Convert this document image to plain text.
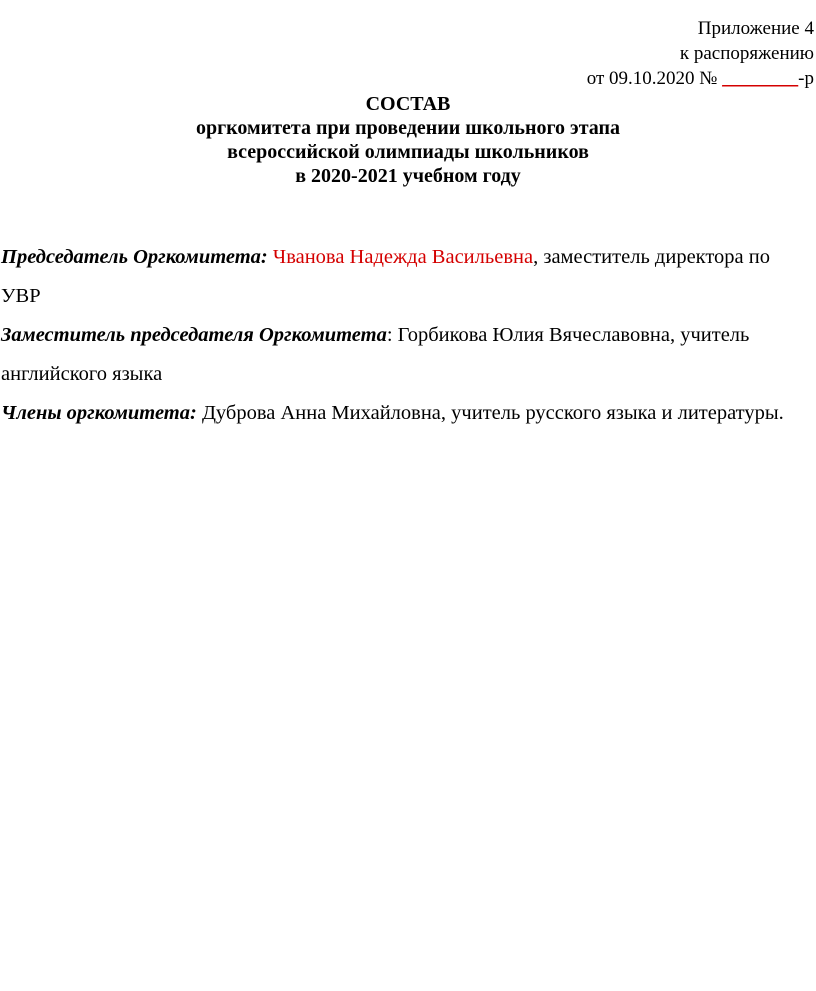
Приложение 4
к распоряжению
от 09.10.2020 № ________-р
СОСТАВ
оргкомитета при проведении школьного этапа
всероссийской олимпиады школьников
в 2020-2021 учебном году

Председатель Оргкомитета: Чванова Надежда Васильевна, заместитель директора по УВР

Заместитель председателя Оргкомитета: Горбикова Юлия Вячеславовна, учитель английского языка

Члены оргкомитета: Дуброва Анна Михайловна, учитель русского языка и литературы.
